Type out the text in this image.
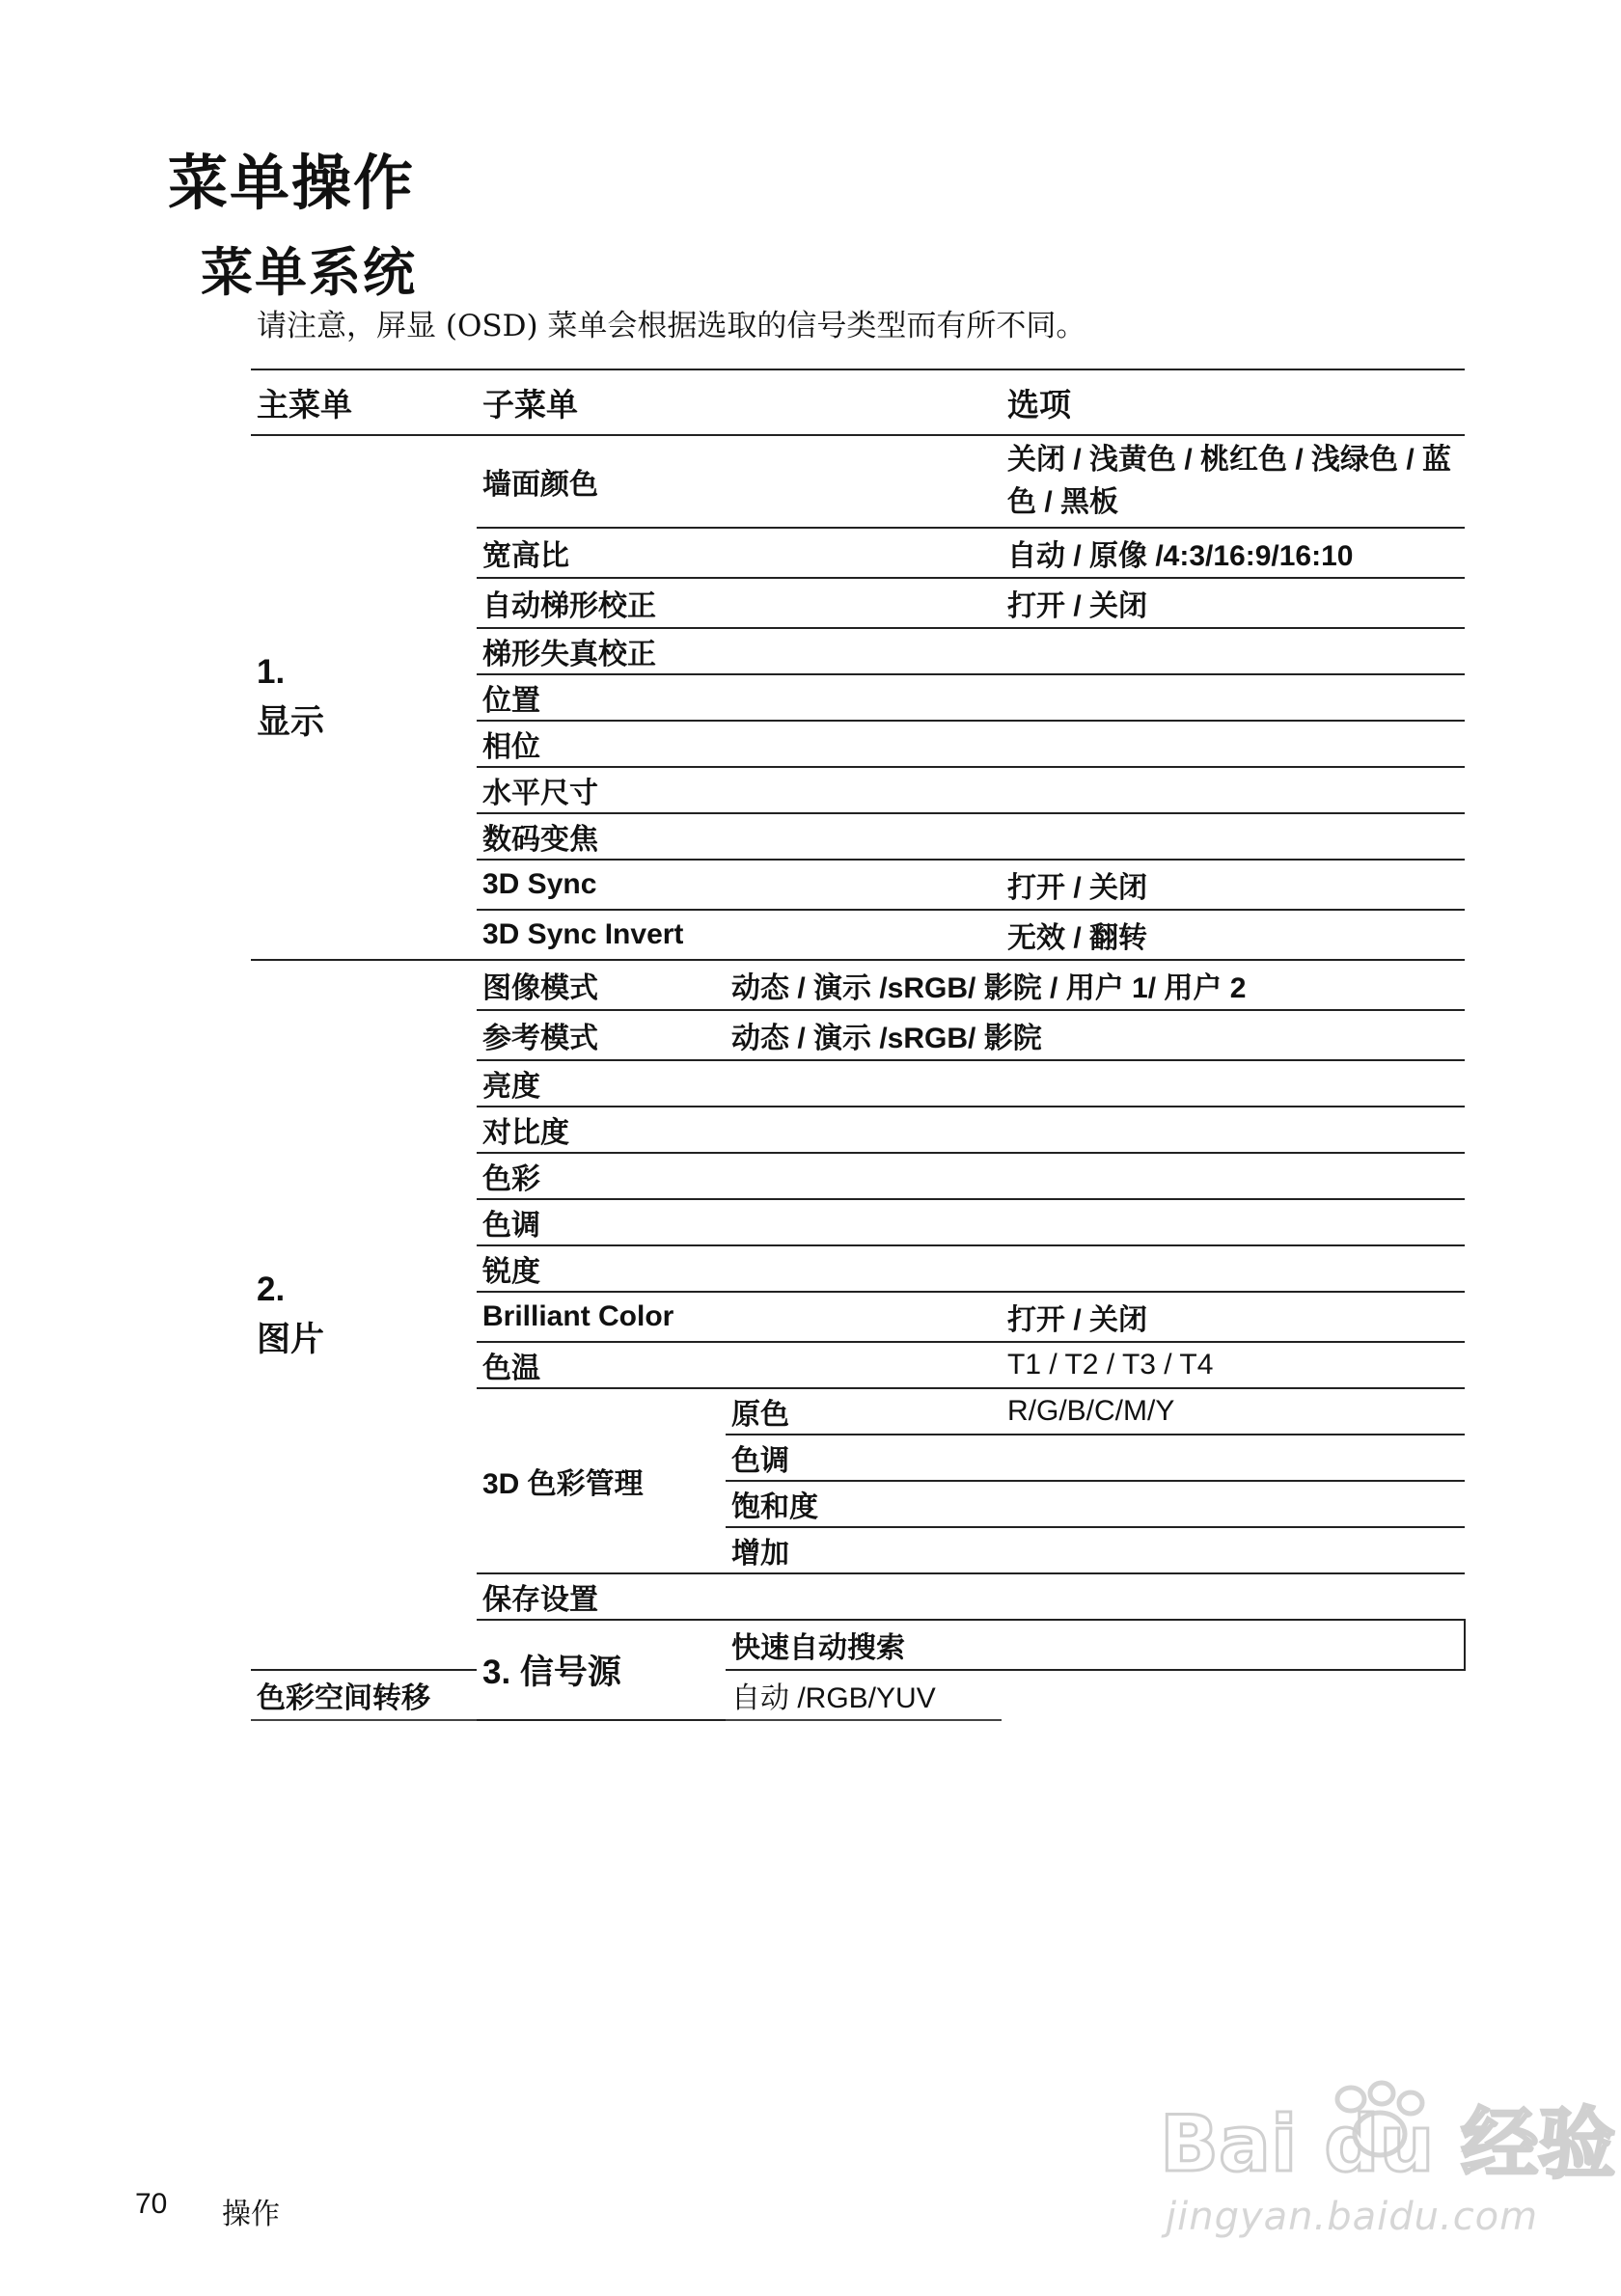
菜单操作
菜单系统
请注意，屏显 (OSD) 菜单会根据选取的信号类型而有所不同。
主菜单	子菜单		选项	

1.
显示	墙面颜色		关闭 / 浅黄色 / 桃红色 / 浅绿色 / 蓝色 / 黑板	
	宽高比		自动 / 原像 /4:3/16:9/16:10	
	自动梯形校正		打开 / 关闭	
	梯形失真校正			
	位置			
	相位			
	水平尺寸			
	数码变焦			
	3D Sync		打开 / 关闭	
	3D Sync Invert		无效 / 翻转	

2.
图片	图像模式	动态 / 演示 /sRGB/ 影院 / 用户 1/ 用户 2		
	参考模式	动态 / 演示 /sRGB/ 影院		
	亮度			
	对比度			
	色彩			
	色调			
	锐度			
	Brilliant Color		打开 / 关闭	
	色温		T1 / T2 / T3 / T4	
	3D 色彩管理	原色	R/G/B/C/M/Y	
		色调		
		饱和度		
		增加		
	保存设置			
	3. 信号源	快速自动搜索	
色彩空间转移		自动 /RGB/YUV		
70 操作
Bai du 经验
jingyan.baidu.com
